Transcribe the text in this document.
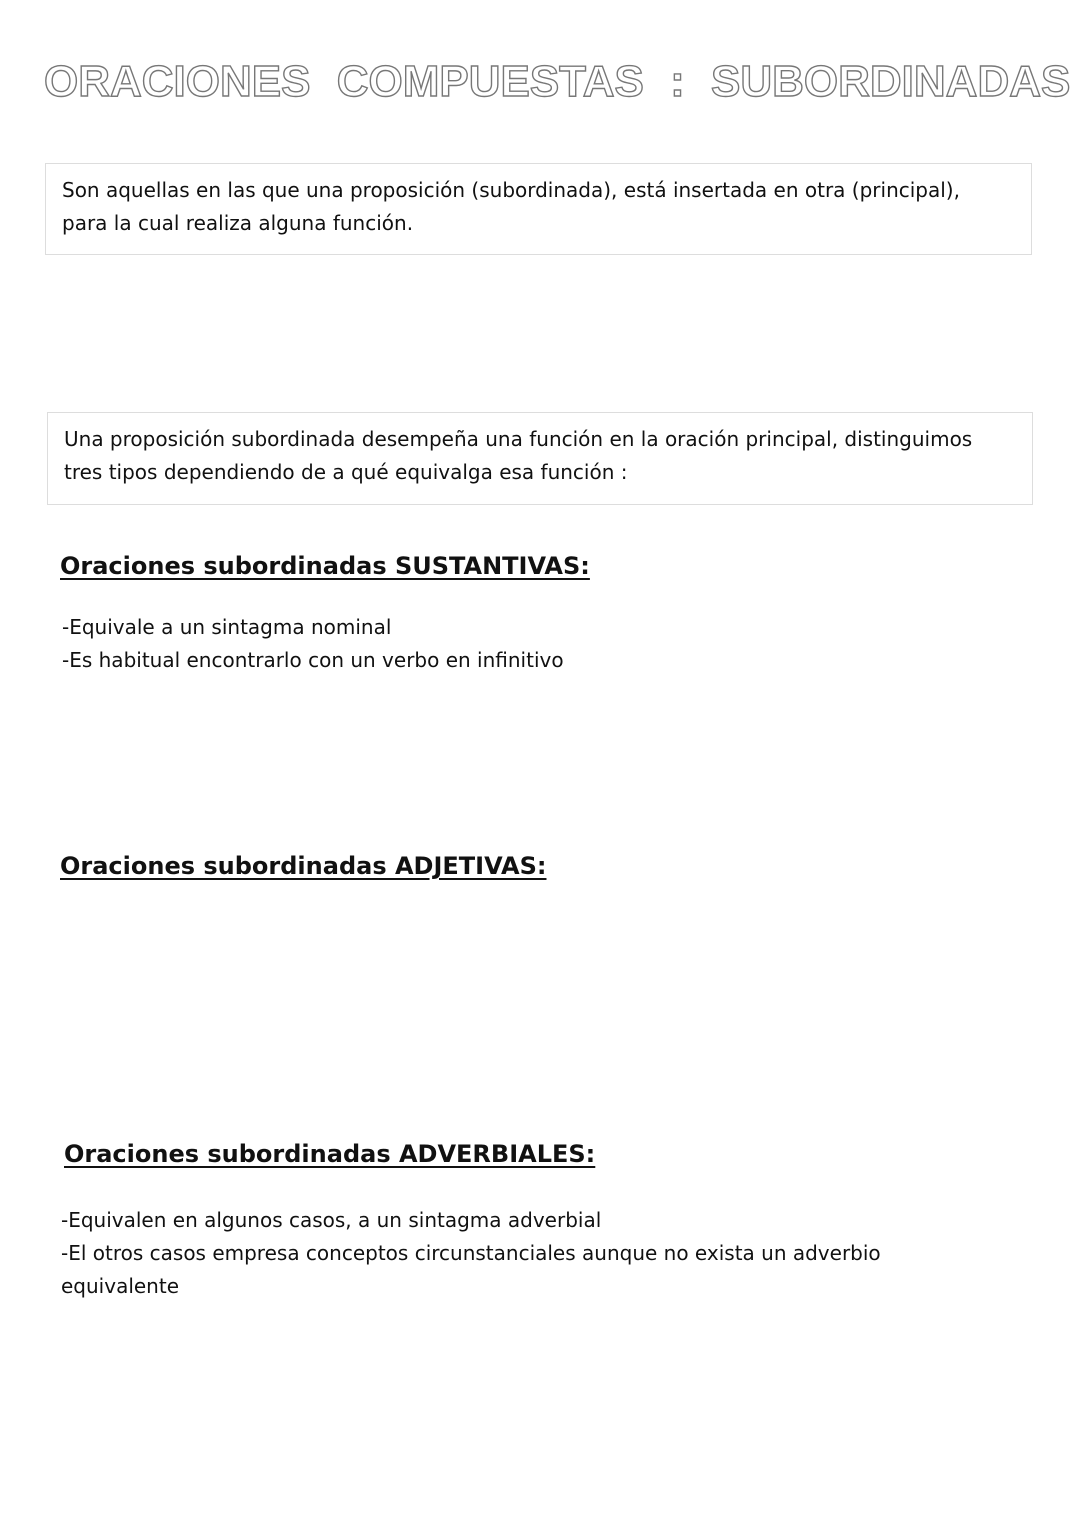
ORACIONES COMPUESTAS : SUBORDINADAS

Son aquellas en las que una proposición (subordinada), está insertada en otra (principal),

para la cual realiza alguna función.

Una proposición subordinada desempeña una función en la oración principal, distinguimos

tres tipos dependiendo de a qué equivalga esa función :

Oraciones subordinadas SUSTANTIVAS:
-Equivale a un sintagma nominal
-Es habitual encontrarlo con un verbo en infinitivo
Oraciones subordinadas ADJETIVAS:
Oraciones subordinadas ADVERBIALES:
-Equivalen en algunos casos, a un sintagma adverbial
-El otros casos empresa conceptos circunstanciales aunque no exista un adverbio
equivalente
